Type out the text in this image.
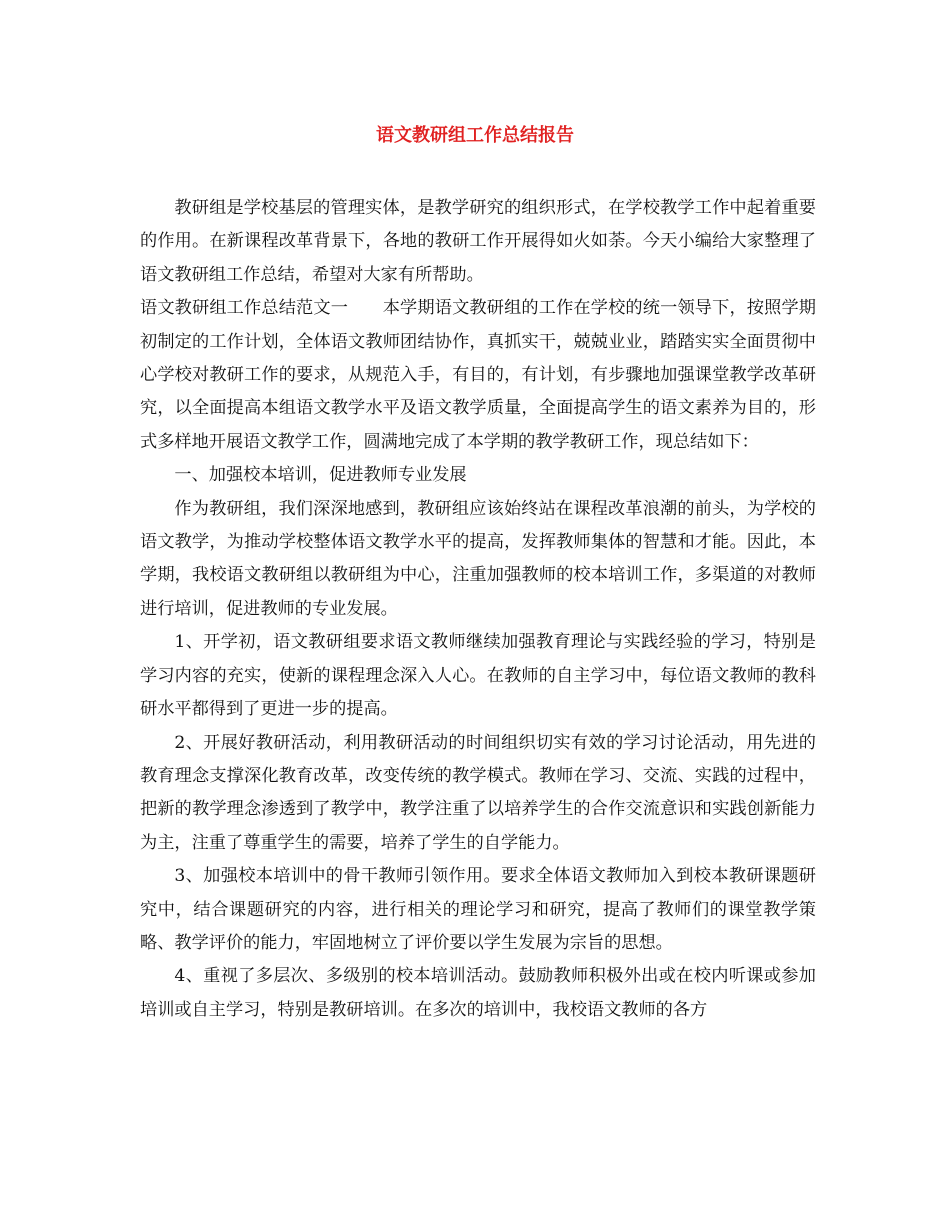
语文教研组工作总结报告

教研组是学校基层的管理实体，是教学研究的组织形式，在学校教学工作中起着重要的作用。在新课程改革背景下，各地的教研工作开展得如火如荼。今天小编给大家整理了语文教研组工作总结，希望对大家有所帮助。

语文教研组工作总结范文一　　本学期语文教研组的工作在学校的统一领导下，按照学期初制定的工作计划，全体语文教师团结协作，真抓实干，兢兢业业，踏踏实实全面贯彻中心学校对教研工作的要求，从规范入手，有目的，有计划，有步骤地加强课堂教学改革研究，以全面提高本组语文教学水平及语文教学质量，全面提高学生的语文素养为目的，形式多样地开展语文教学工作，圆满地完成了本学期的教学教研工作，现总结如下：

一、加强校本培训，促进教师专业发展

作为教研组，我们深深地感到，教研组应该始终站在课程改革浪潮的前头，为学校的语文教学，为推动学校整体语文教学水平的提高，发挥教师集体的智慧和才能。因此，本学期，我校语文教研组以教研组为中心，注重加强教师的校本培训工作，多渠道的对教师进行培训，促进教师的专业发展。

1、开学初，语文教研组要求语文教师继续加强教育理论与实践经验的学习，特别是学习内容的充实，使新的课程理念深入人心。在教师的自主学习中，每位语文教师的教科研水平都得到了更进一步的提高。

2、开展好教研活动，利用教研活动的时间组织切实有效的学习讨论活动，用先进的教育理念支撑深化教育改革，改变传统的教学模式。教师在学习、交流、实践的过程中，把新的教学理念渗透到了教学中，教学注重了以培养学生的合作交流意识和实践创新能力为主，注重了尊重学生的需要，培养了学生的自学能力。

3、加强校本培训中的骨干教师引领作用。要求全体语文教师加入到校本教研课题研究中，结合课题研究的内容，进行相关的理论学习和研究，提高了教师们的课堂教学策略、教学评价的能力，牢固地树立了评价要以学生发展为宗旨的思想。

4、重视了多层次、多级别的校本培训活动。鼓励教师积极外出或在校内听课或参加培训或自主学习，特别是教研培训。在多次的培训中，我校语文教师的各方
